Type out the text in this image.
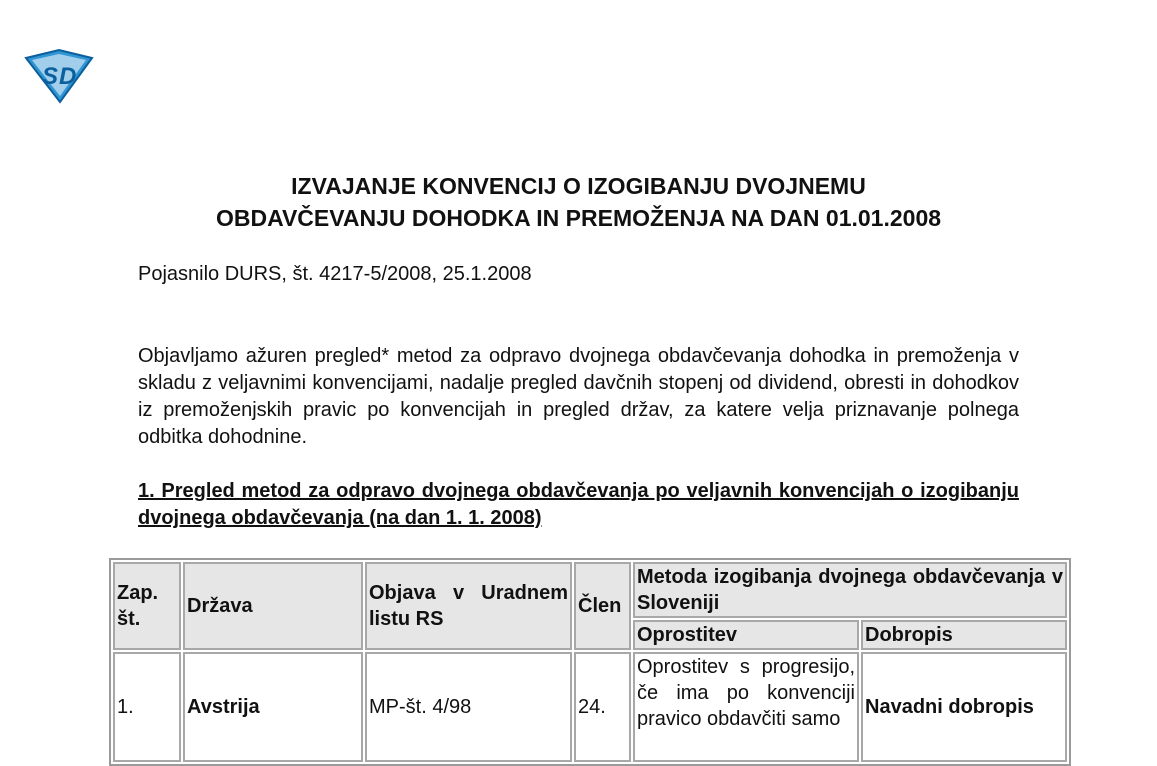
S D
IZVAJANJE KONVENCIJ O IZOGIBANJU DVOJNEMU
OBDAVČEVANJU DOHODKA IN PREMOŽENJA NA DAN 01.01.2008
Pojasnilo DURS, št. 4217-5/2008, 25.1.2008
Objavljamo ažuren pregled* metod za odpravo dvojnega obdavčevanja dohodka in premoženja v skladu z veljavnimi konvencijami, nadalje pregled davčnih stopenj od dividend, obresti in dohodkov iz premoženjskih pravic po konvencijah in pregled držav, za katere velja priznavanje polnega odbitka dohodnine.
1. Pregled metod za odpravo dvojnega obdavčevanja po veljavnih konvencijah o izogibanju dvojnega obdavčevanja (na dan 1. 1. 2008)
Zap. št.	Država	Objava v Uradnem listu RS	Člen	Metoda izogibanja dvojnega obdavčevanja v Sloveniji	
				Oprostitev	Dobropis
1.	Avstrija	MP-št. 4/98	24.	Oprostitev s progresijo, če ima po konvenciji pravico obdavčiti samo	Navadni dobropis
